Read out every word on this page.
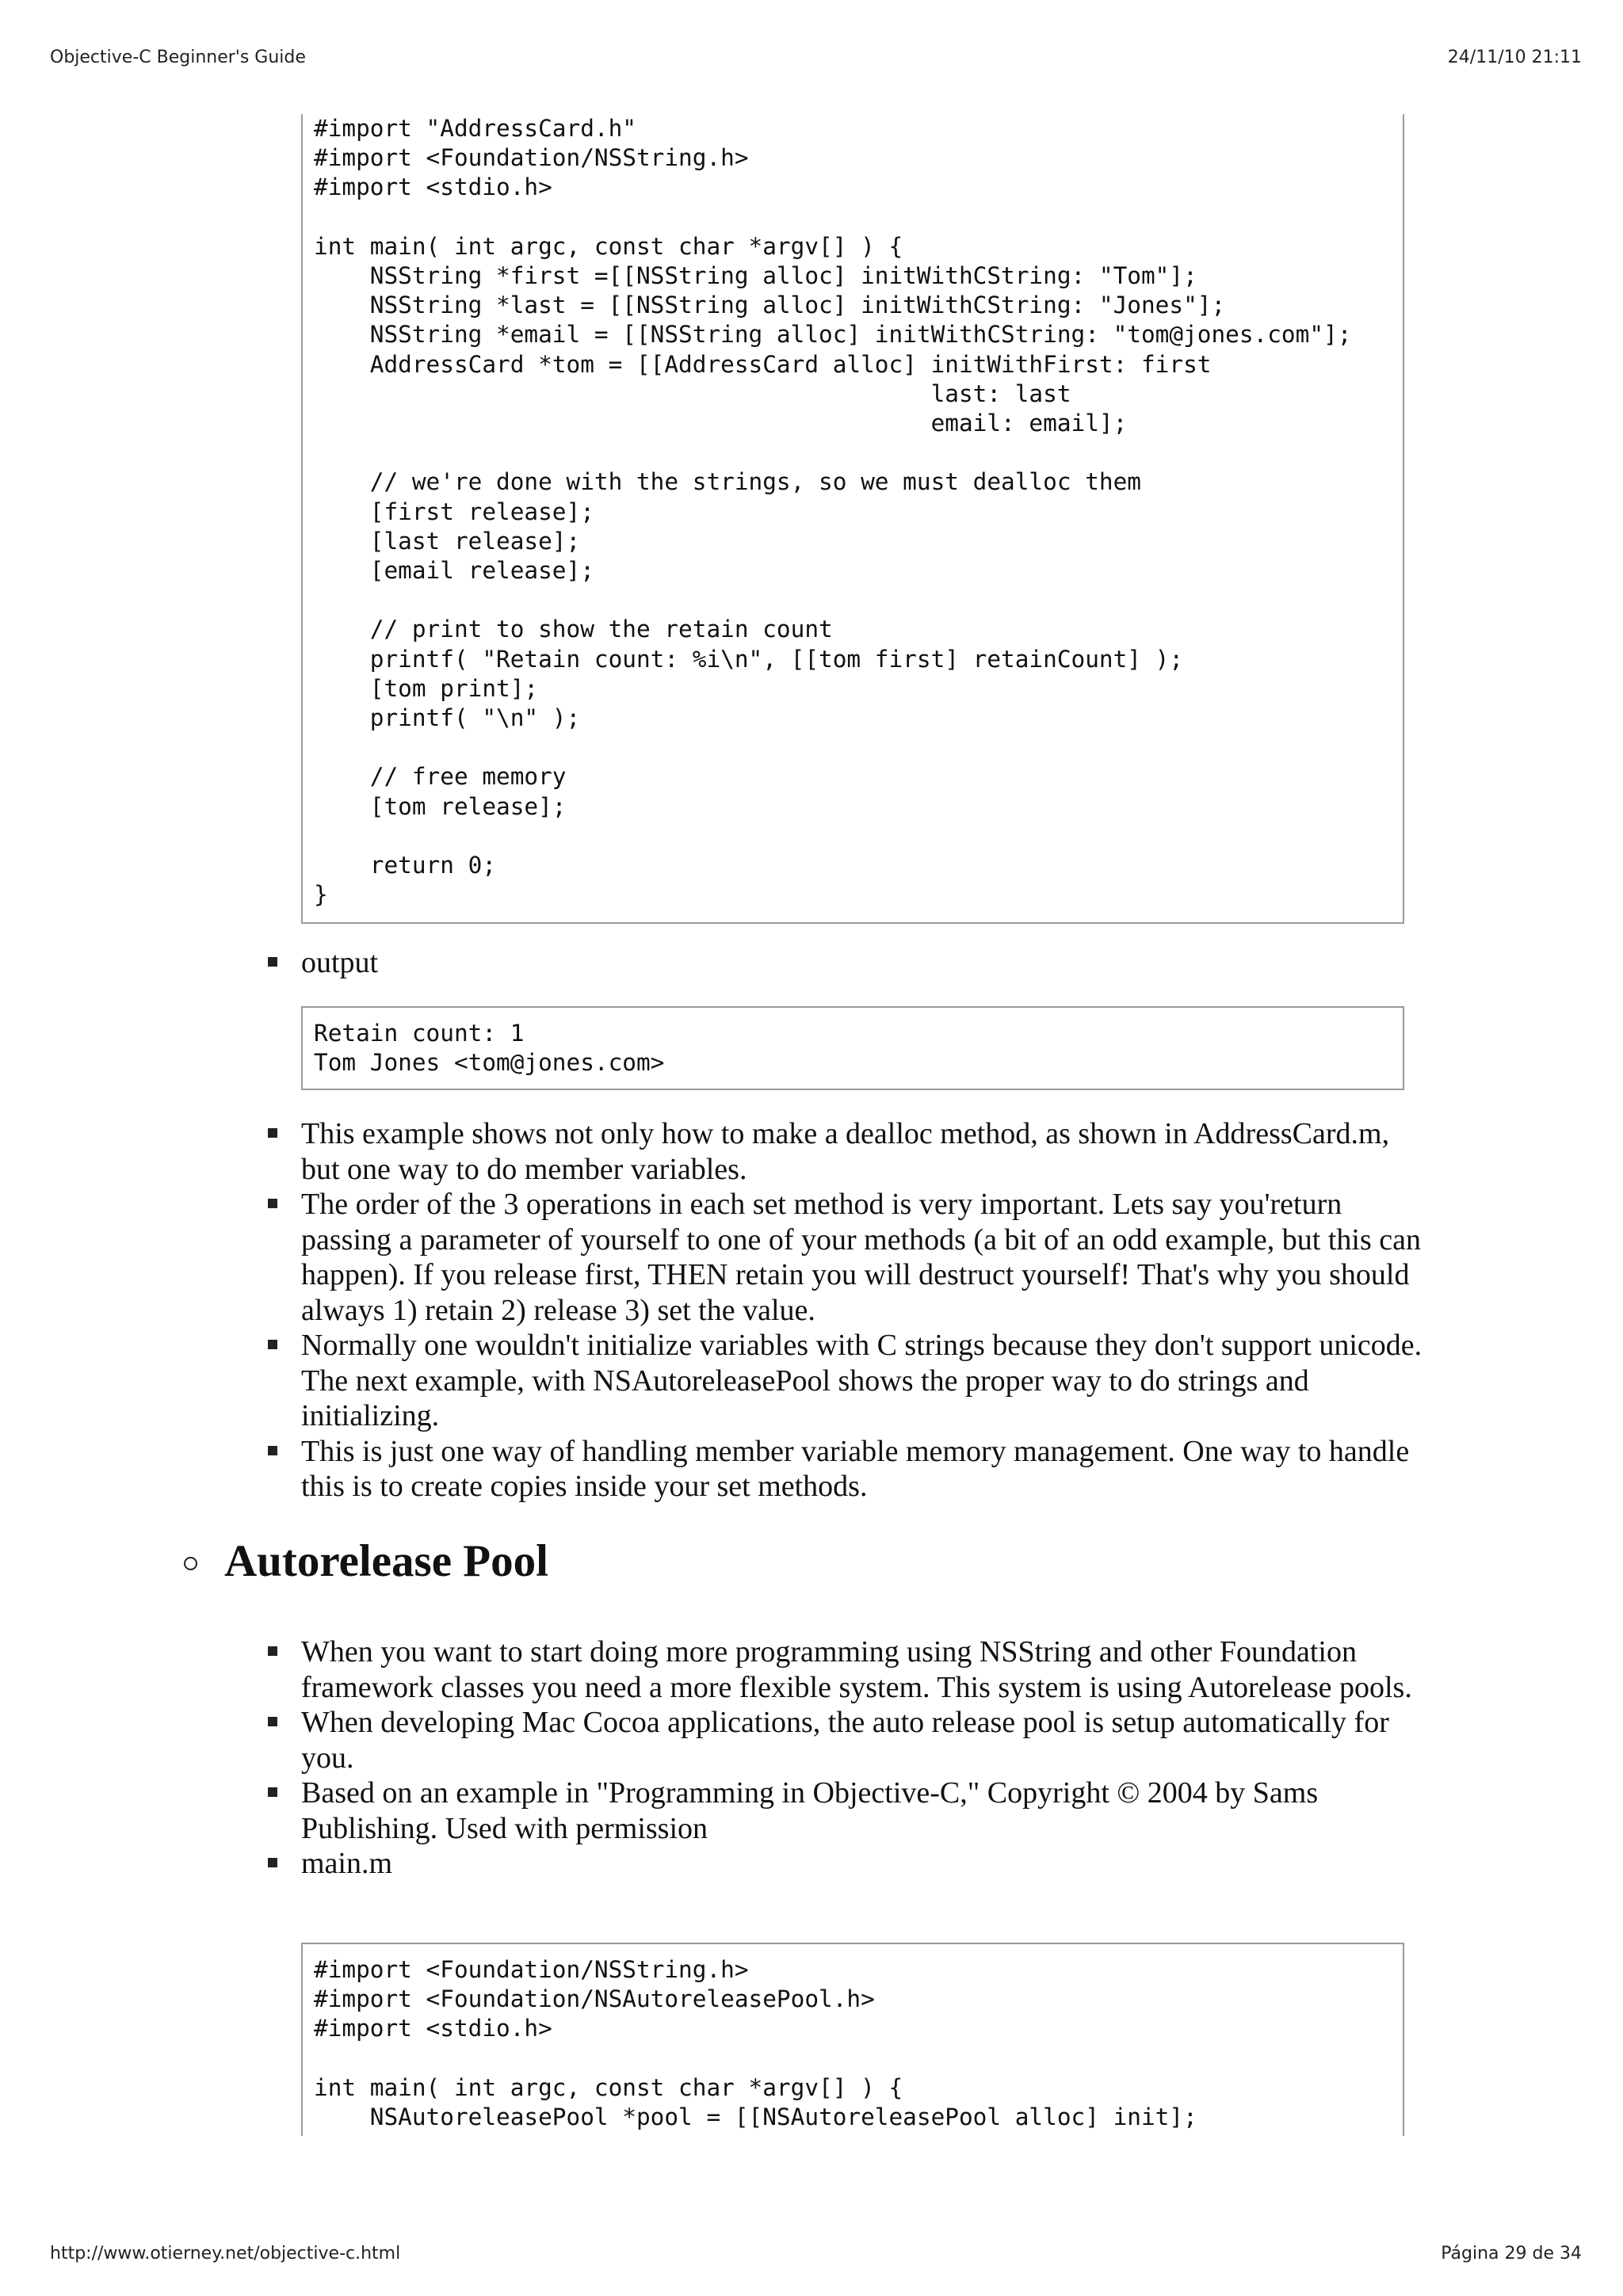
Objective-C Beginner's Guide	24/11/10 21:11
#import "AddressCard.h"
#import <Foundation/NSString.h>
#import <stdio.h>

int main( int argc, const char *argv[] ) {
NSString *first =[[NSString alloc] initWithCString: "Tom"];
NSString *last = [[NSString alloc] initWithCString: "Jones"];
NSString *email = [[NSString alloc] initWithCString: "tom@jones.com"];
AddressCard *tom = [[AddressCard alloc] initWithFirst: first
last: last
email: email];

// we're done with the strings, so we must dealloc them
[first release];
[last release];
[email release];

// print to show the retain count
printf( "Retain count: %i\n", [[tom first] retainCount] );
[tom print];
printf( "\n" );

// free memory
[tom release];

return 0;
}
output
Retain count: 1
Tom Jones <tom@jones.com>
This example shows not only how to make a dealloc method, as shown in AddressCard.m, but one way to do member variables.
The order of the 3 operations in each set method is very important. Lets say you'return passing a parameter of yourself to one of your methods (a bit of an odd example, but this can happen). If you release first, THEN retain you will destruct yourself! That's why you should always 1) retain 2) release 3) set the value.
Normally one wouldn't initialize variables with C strings because they don't support unicode. The next example, with NSAutoreleasePool shows the proper way to do strings and initializing.
This is just one way of handling member variable memory management. One way to handle this is to create copies inside your set methods.
Autorelease Pool
When you want to start doing more programming using NSString and other Foundation framework classes you need a more flexible system. This system is using Autorelease pools.
When developing Mac Cocoa applications, the auto release pool is setup automatically for you.
Based on an example in "Programming in Objective-C," Copyright © 2004 by Sams Publishing. Used with permission
main.m
#import <Foundation/NSString.h>
#import <Foundation/NSAutoreleasePool.h>
#import <stdio.h>

int main( int argc, const char *argv[] ) {
NSAutoreleasePool *pool = [[NSAutoreleasePool alloc] init];
http://www.otierney.net/objective-c.html	Página 29 de 34
